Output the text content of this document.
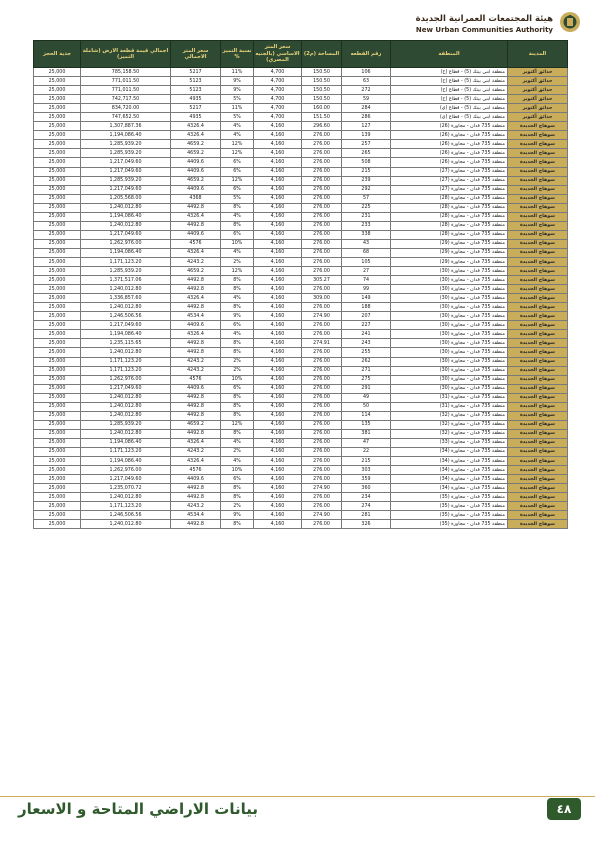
هيئة المجتمعات العمرانية الجديدة
New Urban Communities Authority
المدينة	المنطقة	رقم القطعه	المساحة (م2)	سعر المتر الاساسي (بالجنيه المصري)	نسبة التميز %	سعر المتر الاجمالي	اجمالي قيمة قطعة الارض (شاملة التميز)	جدية الحجز
حدائق أكتوبر	منطقة ابني بيتك (5) - قطاع (ح)	106	150.50	4,700	11%	5217	785,158.50	25,000
حدائق أكتوبر	منطقة ابني بيتك (5) - قطاع (ح)	63	150.50	4,700	9%	5123	771,011.50	25,000
حدائق أكتوبر	منطقة ابني بيتك (5) - قطاع (ح)	272	150.50	4,700	9%	5123	771,011.50	25,000
حدائق أكتوبر	منطقة ابني بيتك (5) - قطاع (ح)	59	150.50	4,700	5%	4935	742,717.50	25,000
حدائق أكتوبر	منطقة ابني بيتك (5) - قطاع (ي)	284	160.00	4,700	11%	5217	834,720.00	25,000
حدائق أكتوبر	منطقة ابني بيتك (5) - قطاع (ي)	286	151.50	4,700	5%	4935	747,652.50	25,000
سوهاج الجديدة	منطقة 735 فدان - مجاورة (26)	127	296.60	4,160	4%	4326.4	1,307,887.36	25,000
سوهاج الجديدة	منطقة 735 فدان - مجاورة (26)	139	276.00	4,160	4%	4326.4	1,194,086.40	25,000
سوهاج الجديدة	منطقة 735 فدان - مجاورة (26)	257	276.00	4,160	12%	4659.2	1,285,939.20	25,000
سوهاج الجديدة	منطقة 735 فدان - مجاورة (26)	265	276.00	4,160	12%	4659.2	1,285,939.20	25,000
سوهاج الجديدة	منطقة 735 فدان - مجاورة (26)	508	276.00	4,160	6%	4409.6	1,217,049.60	25,000
سوهاج الجديدة	منطقة 735 فدان - مجاورة (27)	215	276.00	4,160	6%	4409.6	1,217,049.60	25,000
سوهاج الجديدة	منطقة 735 فدان - مجاورة (27)	239	276.00	4,160	12%	4659.2	1,285,939.20	25,000
سوهاج الجديدة	منطقة 735 فدان - مجاورة (27)	292	276.00	4,160	6%	4409.6	1,217,049.60	25,000
سوهاج الجديدة	منطقة 735 فدان - مجاورة (28)	57	276.00	4,160	5%	4368	1,205,568.00	25,000
سوهاج الجديدة	منطقة 735 فدان - مجاورة (28)	225	276.00	4,160	8%	4492.8	1,240,012.80	25,000
سوهاج الجديدة	منطقة 735 فدان - مجاورة (28)	231	276.00	4,160	4%	4326.4	1,194,086.40	25,000
سوهاج الجديدة	منطقة 735 فدان - مجاورة (28)	233	276.00	4,160	8%	4492.8	1,240,012.80	25,000
سوهاج الجديدة	منطقة 735 فدان - مجاورة (28)	338	276.00	4,160	6%	4409.6	1,217,049.60	25,000
سوهاج الجديدة	منطقة 735 فدان - مجاورة (29)	43	276.00	4,160	10%	4576	1,262,976.00	25,000
سوهاج الجديدة	منطقة 735 فدان - مجاورة (29)	68	276.00	4,160	4%	4326.4	1,194,086.40	25,000
سوهاج الجديدة	منطقة 735 فدان - مجاورة (29)	105	276.00	4,160	2%	4243.2	1,171,123.20	25,000
سوهاج الجديدة	منطقة 735 فدان - مجاورة (30)	27	276.00	4,160	12%	4659.2	1,285,939.20	25,000
سوهاج الجديدة	منطقة 735 فدان - مجاورة (30)	74	305.27	4,160	8%	4492.8	1,371,517.06	25,000
سوهاج الجديدة	منطقة 735 فدان - مجاورة (30)	99	276.00	4,160	8%	4492.8	1,240,012.80	25,000
سوهاج الجديدة	منطقة 735 فدان - مجاورة (30)	149	309.00	4,160	4%	4326.4	1,336,857.60	25,000
سوهاج الجديدة	منطقة 735 فدان - مجاورة (30)	188	276.00	4,160	8%	4492.8	1,240,012.80	25,000
سوهاج الجديدة	منطقة 735 فدان - مجاورة (30)	207	274.90	4,160	9%	4534.4	1,246,506.56	25,000
سوهاج الجديدة	منطقة 735 فدان - مجاورة (30)	227	276.00	4,160	6%	4409.6	1,217,049.60	25,000
سوهاج الجديدة	منطقة 735 فدان - مجاورة (30)	241	276.00	4,160	4%	4326.4	1,194,086.40	25,000
سوهاج الجديدة	منطقة 735 فدان - مجاورة (30)	243	274.91	4,160	8%	4492.8	1,235,115.65	25,000
سوهاج الجديدة	منطقة 735 فدان - مجاورة (30)	255	276.00	4,160	8%	4492.8	1,240,012.80	25,000
سوهاج الجديدة	منطقة 735 فدان - مجاورة (30)	262	276.00	4,160	2%	4243.2	1,171,123.20	25,000
سوهاج الجديدة	منطقة 735 فدان - مجاورة (30)	271	276.00	4,160	2%	4243.2	1,171,123.20	25,000
سوهاج الجديدة	منطقة 735 فدان - مجاورة (30)	275	276.00	4,160	10%	4576	1,262,976.00	25,000
سوهاج الجديدة	منطقة 735 فدان - مجاورة (30)	291	276.00	4,160	6%	4409.6	1,217,049.60	25,000
سوهاج الجديدة	منطقة 735 فدان - مجاورة (31)	49	276.00	4,160	8%	4492.8	1,240,012.80	25,000
سوهاج الجديدة	منطقة 735 فدان - مجاورة (31)	50	276.00	4,160	8%	4492.8	1,240,012.80	25,000
سوهاج الجديدة	منطقة 735 فدان - مجاورة (32)	114	276.00	4,160	8%	4492.8	1,240,012.80	25,000
سوهاج الجديدة	منطقة 735 فدان - مجاورة (32)	135	276.00	4,160	12%	4659.2	1,285,939.20	25,000
سوهاج الجديدة	منطقة 735 فدان - مجاورة (32)	381	276.00	4,160	8%	4492.8	1,240,012.80	25,000
سوهاج الجديدة	منطقة 735 فدان - مجاورة (33)	47	276.00	4,160	4%	4326.4	1,194,086.40	25,000
سوهاج الجديدة	منطقة 735 فدان - مجاورة (34)	22	276.00	4,160	2%	4243.2	1,171,123.20	25,000
سوهاج الجديدة	منطقة 735 فدان - مجاورة (34)	215	276.00	4,160	4%	4326.4	1,194,086.40	25,000
سوهاج الجديدة	منطقة 735 فدان - مجاورة (34)	303	276.00	4,160	10%	4576	1,262,976.00	25,000
سوهاج الجديدة	منطقة 735 فدان - مجاورة (34)	359	276.00	4,160	6%	4409.6	1,217,049.60	25,000
سوهاج الجديدة	منطقة 735 فدان - مجاورة (34)	360	274.90	4,160	8%	4492.8	1,235,070.72	25,000
سوهاج الجديدة	منطقة 735 فدان - مجاورة (35)	234	276.00	4,160	8%	4492.8	1,240,012.80	25,000
سوهاج الجديدة	منطقة 735 فدان - مجاورة (35)	274	276.00	4,160	2%	4243.2	1,171,123.20	25,000
سوهاج الجديدة	منطقة 735 فدان - مجاورة (35)	281	274.90	4,160	9%	4534.4	1,246,506.56	25,000
سوهاج الجديدة	منطقة 735 فدان - مجاورة (35)	326	276.00	4,160	8%	4492.8	1,240,012.80	25,000
بيانات الاراضي المتاحة و الاسعار	٤٨
